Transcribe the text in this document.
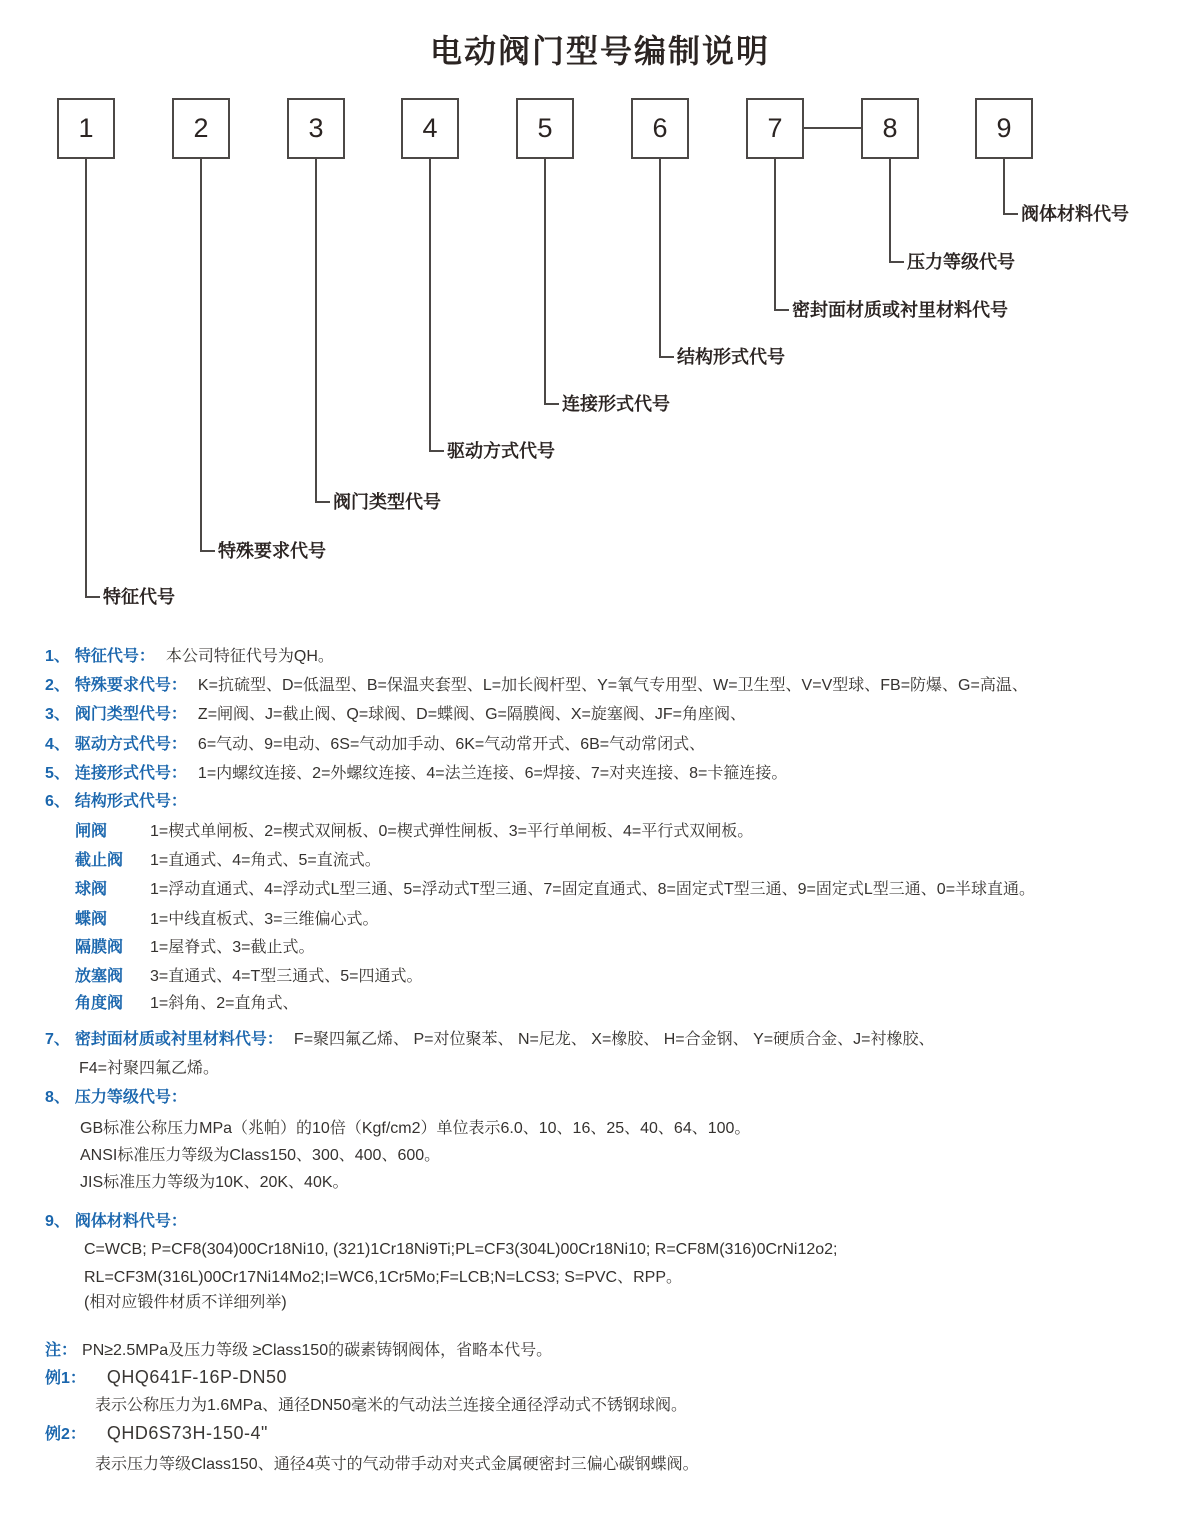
电动阀门型号编制说明
1	2	3	4	5	6	7	8	9
特征代号
特殊要求代号
阀门类型代号
驱动方式代号
连接形式代号
结构形式代号
密封面材质或衬里材料代号
压力等级代号
阀体材料代号
1、 特征代号： 本公司特征代号为QH。
2、 特殊要求代号： K=抗硫型、D=低温型、B=保温夹套型、L=加长阀杆型、Y=氧气专用型、W=卫生型、V=V型球、FB=防爆、G=高温、
3、 阀门类型代号： Z=闸阀、J=截止阀、Q=球阀、D=蝶阀、G=隔膜阀、X=旋塞阀、JF=角座阀、
4、 驱动方式代号： 6=气动、9=电动、6S=气动加手动、6K=气动常开式、6B=气动常闭式、
5、 连接形式代号： 1=内螺纹连接、2=外螺纹连接、4=法兰连接、6=焊接、7=对夹连接、8=卡箍连接。
6、 结构形式代号：
闸阀	1=楔式单闸板、2=楔式双闸板、0=楔式弹性闸板、3=平行单闸板、4=平行式双闸板。
截止阀 1=直通式、4=角式、5=直流式。
球阀	1=浮动直通式、4=浮动式L型三通、5=浮动式T型三通、7=固定直通式、8=固定式T型三通、9=固定式L型三通、0=半球直通。
蝶阀	1=中线直板式、3=三维偏心式。
隔膜阀 1=屋脊式、3=截止式。
放塞阀 3=直通式、4=T型三通式、5=四通式。
角度阀 1=斜角、2=直角式、
7、 密封面材质或衬里材料代号： F=聚四氟乙烯、 P=对位聚苯、 N=尼龙、 X=橡胶、 H=合金钢、 Y=硬质合金、J=衬橡胶、
F4=衬聚四氟乙烯。
8、 压力等级代号：
GB标准公称压力MPa（兆帕）的10倍（Kgf/cm2）单位表示6.0、10、16、25、40、64、100。
ANSI标准压力等级为Class150、300、400、600。
JIS标准压力等级为10K、20K、40K。
9、 阀体材料代号：
C=WCB; P=CF8(304)00Cr18Ni10, (321)1Cr18Ni9Ti;PL=CF3(304L)00Cr18Ni10; R=CF8M(316)0CrNi12o2;
RL=CF3M(316L)00Cr17Ni14Mo2;I=WC6,1Cr5Mo;F=LCB;N=LCS3; S=PVC、RPP。
(相对应锻件材质不详细列举)
注： PN≥2.5MPa及压力等级 ≥Class150的碳素铸钢阀体，省略本代号。
例1： QHQ641F-16P-DN50
表示公称压力为1.6MPa、通径DN50毫米的气动法兰连接全通径浮动式不锈钢球阀。
例2： QHD6S73H-150-4"
表示压力等级Class150、通径4英寸的气动带手动对夹式金属硬密封三偏心碳钢蝶阀。
